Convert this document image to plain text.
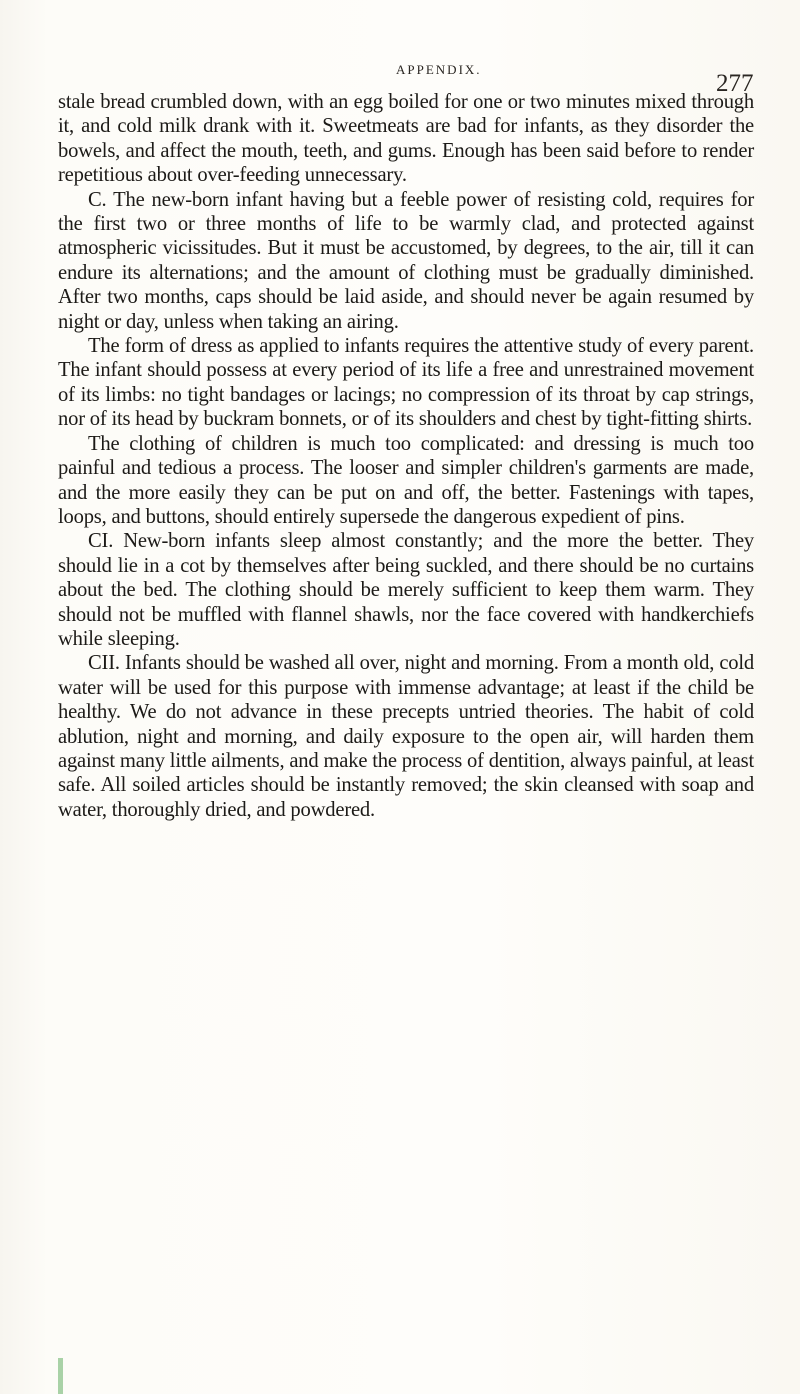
APPENDIX.
277

stale bread crumbled down, with an egg boiled for one or two minutes mixed through it, and cold milk drank with it. Sweetmeats are bad for infants, as they disorder the bowels, and affect the mouth, teeth, and gums. Enough has been said before to render repetitious about over-feeding unnecessary.

C. The new-born infant having but a feeble power of resisting cold, requires for the first two or three months of life to be warmly clad, and protected against atmospheric vicissitudes. But it must be accustomed, by degrees, to the air, till it can endure its alternations; and the amount of clothing must be gradually diminished. After two months, caps should be laid aside, and should never be again resumed by night or day, unless when taking an airing.

The form of dress as applied to infants requires the attentive study of every parent. The infant should possess at every period of its life a free and unrestrained movement of its limbs: no tight bandages or lacings; no compression of its throat by cap strings, nor of its head by buckram bonnets, or of its shoulders and chest by tight-fitting shirts.

The clothing of children is much too complicated: and dressing is much too painful and tedious a process. The looser and simpler children's garments are made, and the more easily they can be put on and off, the better. Fastenings with tapes, loops, and buttons, should entirely supersede the dangerous expedient of pins.

CI. New-born infants sleep almost constantly; and the more the better. They should lie in a cot by themselves after being suckled, and there should be no curtains about the bed. The clothing should be merely sufficient to keep them warm. They should not be muffled with flannel shawls, nor the face covered with handkerchiefs while sleeping.

CII. Infants should be washed all over, night and morning. From a month old, cold water will be used for this purpose with immense advantage; at least if the child be healthy. We do not advance in these precepts untried theories. The habit of cold ablution, night and morning, and daily exposure to the open air, will harden them against many little ailments, and make the process of dentition, always painful, at least safe. All soiled articles should be instantly removed; the skin cleansed with soap and water, thoroughly dried, and powdered.
